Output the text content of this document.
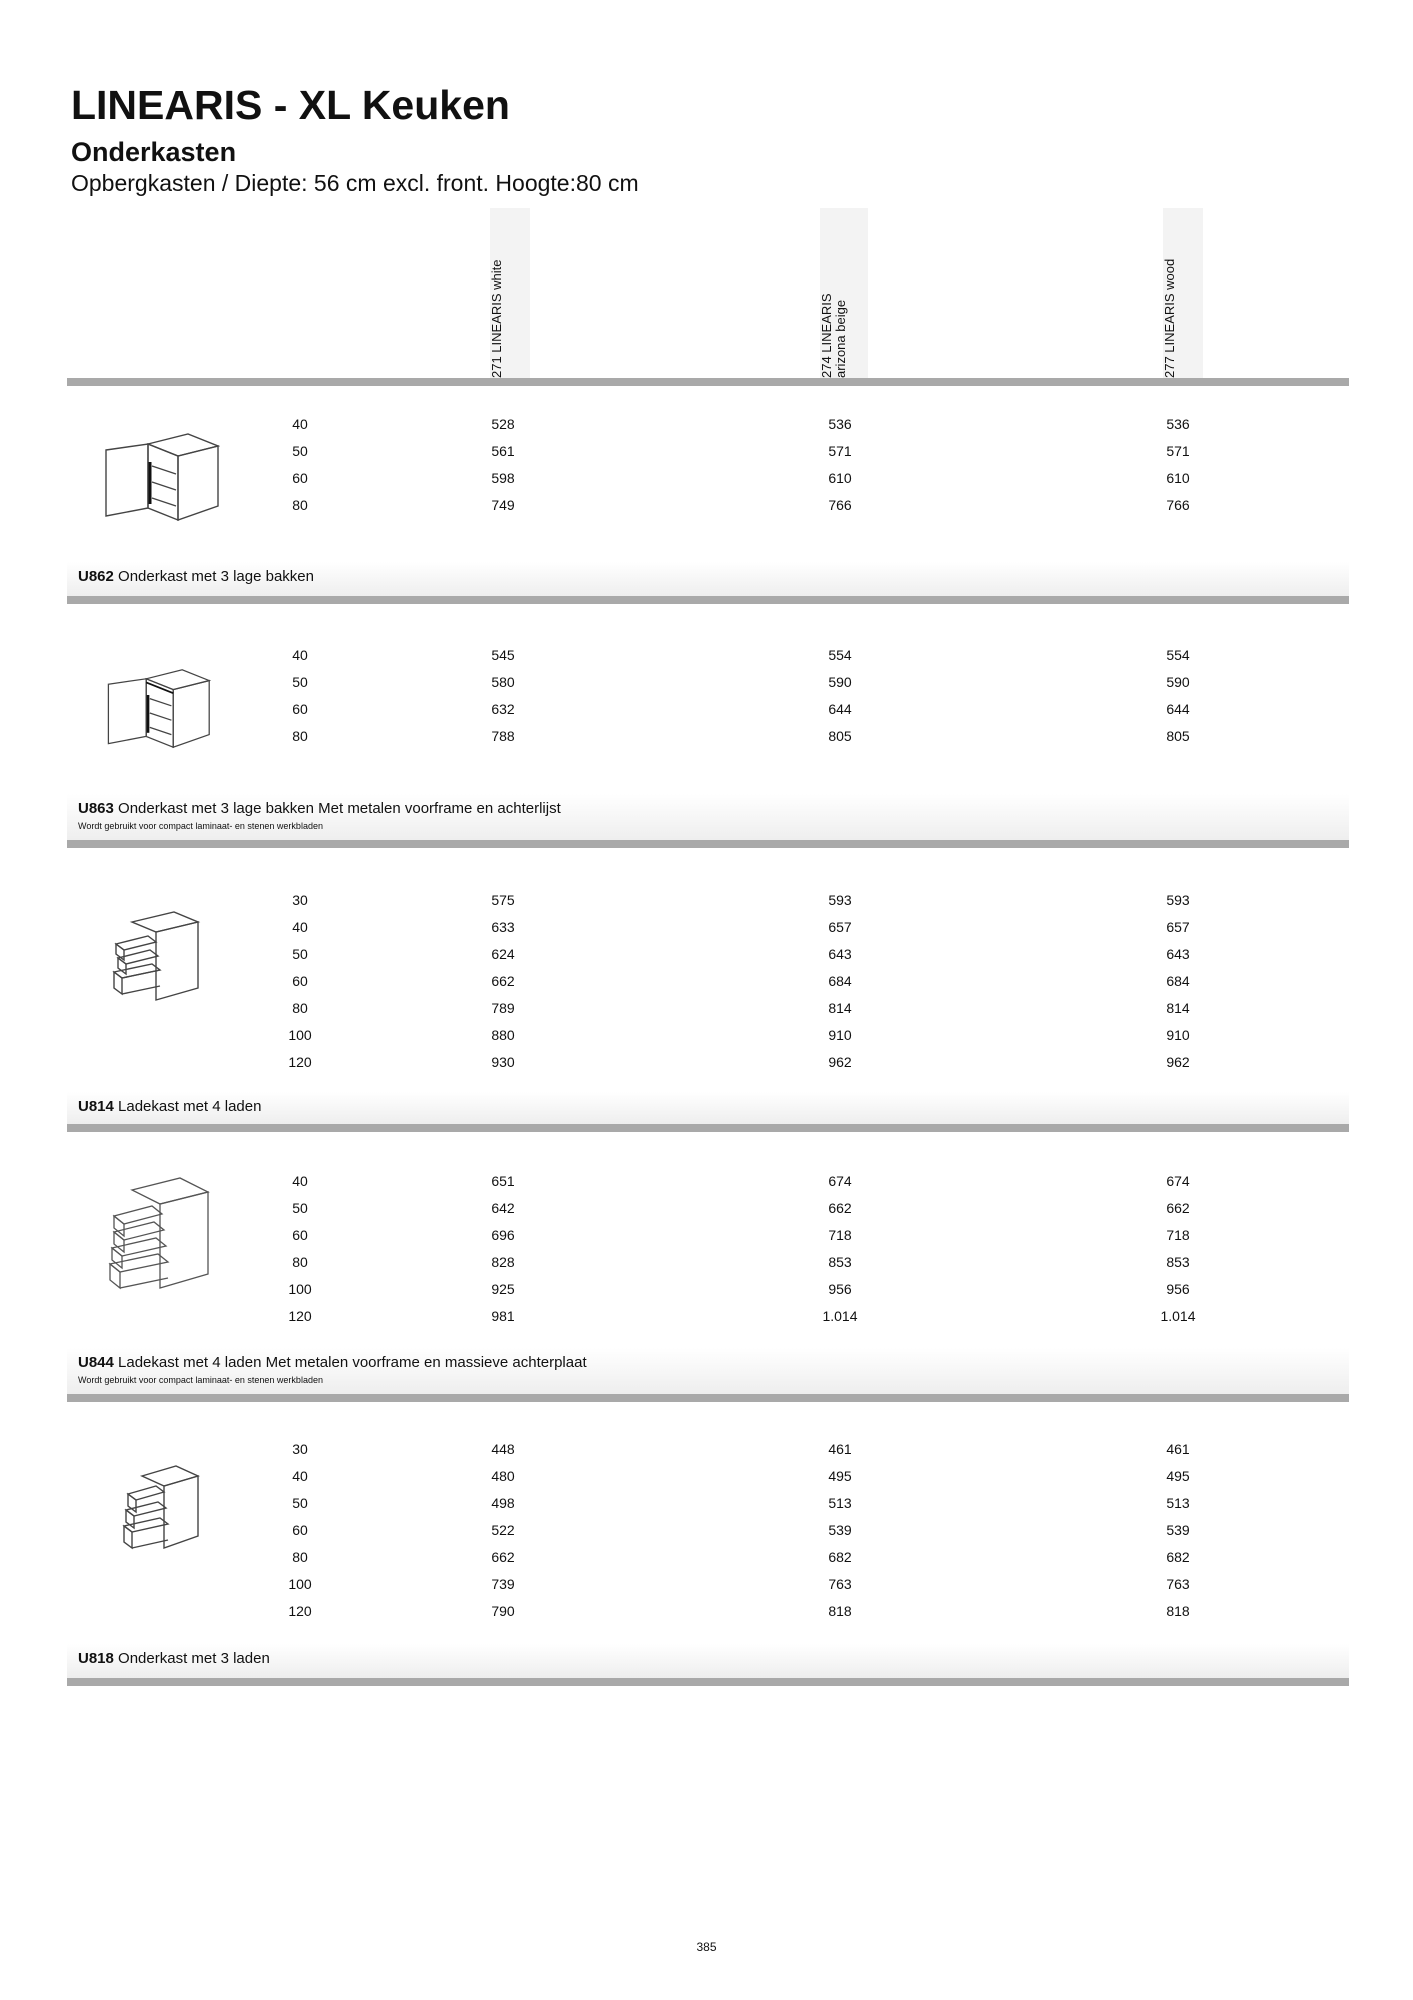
LINEARIS - XL Keuken
Onderkasten

Opbergkasten / Diepte: 56 cm excl. front. Hoogte:80 cm

271 LINEARIS white	274 LINEARIS arizona beige	277 LINEARIS wood
40	528	536	536
50	561	571	571
60	598	610	610
80	749	766	766
U862 Onderkast met 3 lage bakken
40	545	554	554
50	580	590	590
60	632	644	644
80	788	805	805
U863 Onderkast met 3 lage bakken Met metalen voorframe en achterlijst
Wordt gebruikt voor compact laminaat- en stenen werkbladen
30	575	593	593
40	633	657	657
50	624	643	643
60	662	684	684
80	789	814	814
100	880	910	910
120	930	962	962
U814 Ladekast met 4 laden
40	651	674	674
50	642	662	662
60	696	718	718
80	828	853	853
100	925	956	956
120	981	1.014	1.014
U844 Ladekast met 4 laden Met metalen voorframe en massieve achterplaat
Wordt gebruikt voor compact laminaat- en stenen werkbladen
30	448	461	461
40	480	495	495
50	498	513	513
60	522	539	539
80	662	682	682
100	739	763	763
120	790	818	818
U818 Onderkast met 3 laden
385
